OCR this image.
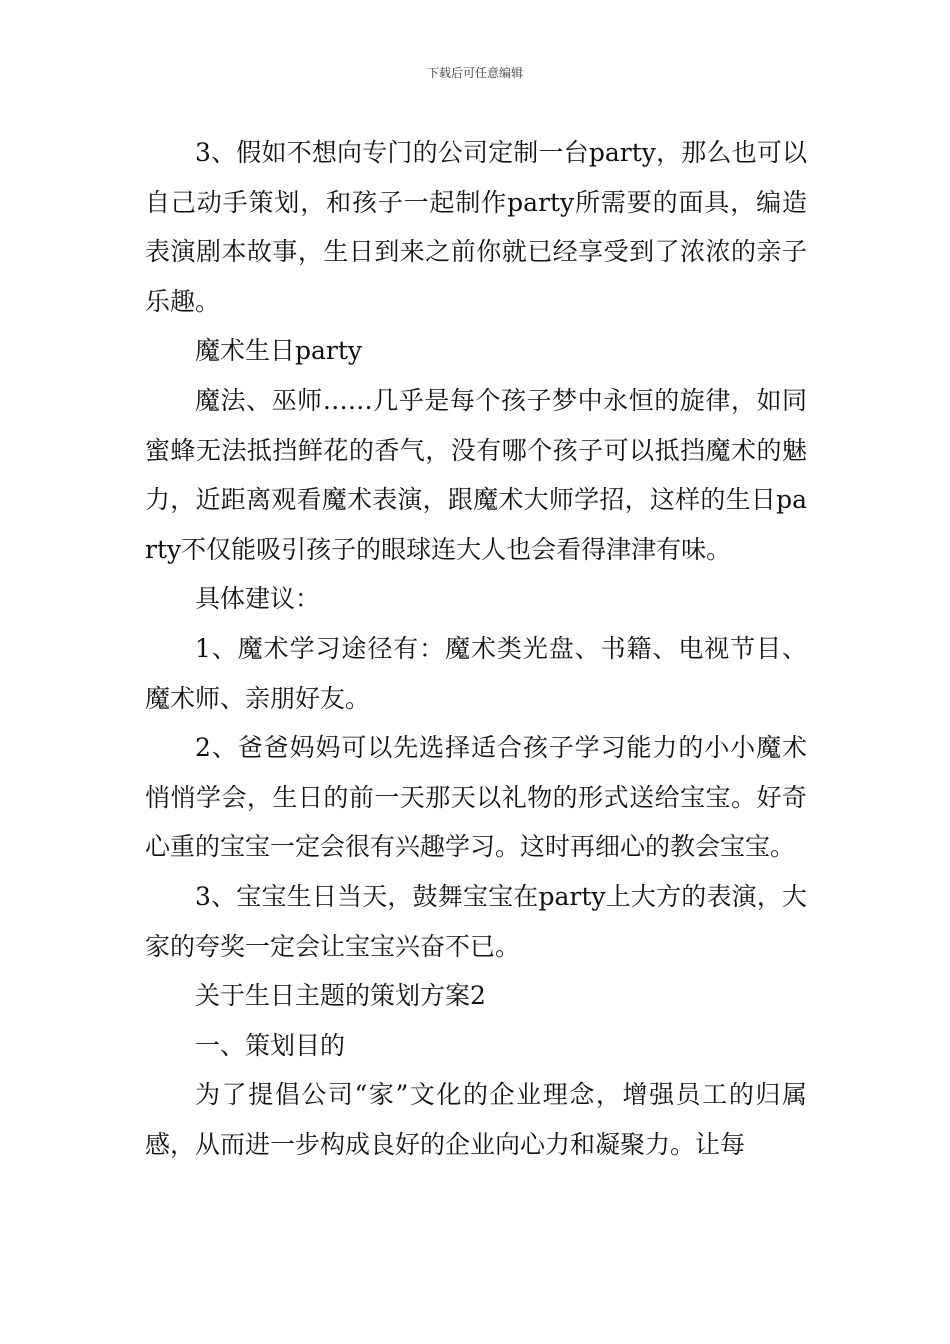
下载后可任意编辑

3、假如不想向专门的公司定制一台party，那么也可以自己动手策划，和孩子一起制作party所需要的面具，编造表演剧本故事，生日到来之前你就已经享受到了浓浓的亲子乐趣。

魔术生日party

魔法、巫师……几乎是每个孩子梦中永恒的旋律，如同蜜蜂无法抵挡鲜花的香气，没有哪个孩子可以抵挡魔术的魅力，近距离观看魔术表演，跟魔术大师学招，这样的生日party不仅能吸引孩子的眼球连大人也会看得津津有味。

具体建议：

1、魔术学习途径有：魔术类光盘、书籍、电视节目、魔术师、亲朋好友。

2、爸爸妈妈可以先选择适合孩子学习能力的小小魔术悄悄学会，生日的前一天那天以礼物的形式送给宝宝。好奇心重的宝宝一定会很有兴趣学习。这时再细心的教会宝宝。

3、宝宝生日当天，鼓舞宝宝在party上大方的表演，大家的夸奖一定会让宝宝兴奋不已。

关于生日主题的策划方案2

一、策划目的

为了提倡公司“家”文化的企业理念，增强员工的归属感，从而进一步构成良好的企业向心力和凝聚力。让每
